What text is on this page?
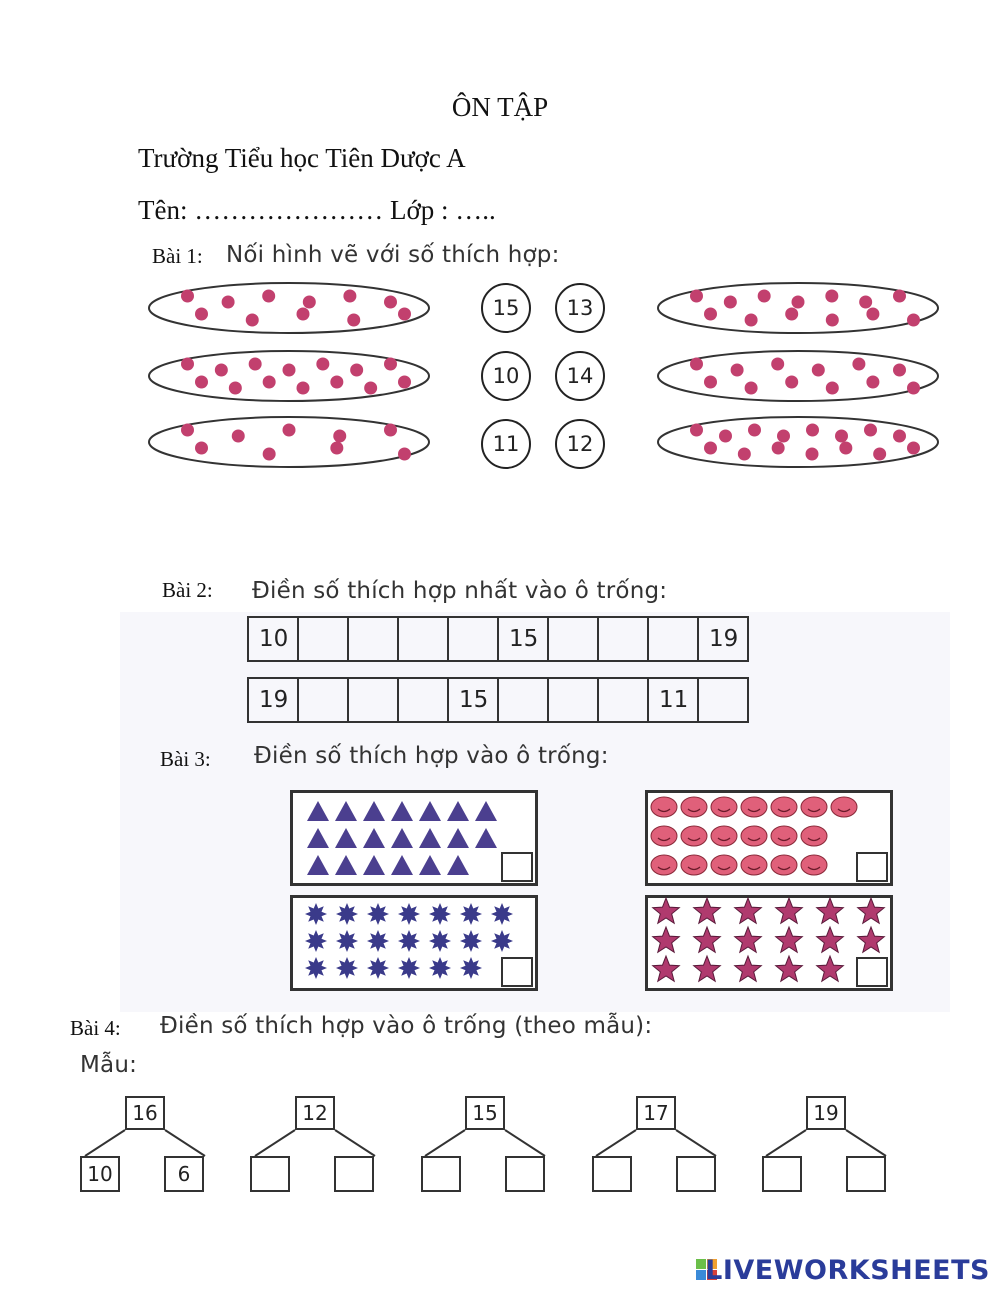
ÔN TẬP
Trường Tiểu học Tiên Dược A
Tên: ………………… Lớp : …..
Bài 1: Nối hình vẽ với số thích hợp:
15	13
10	14
11	12
Bài 2: Điền số thích hợp nhất vào ô trống:
10					15				19
19				15				11	
Bài 3: Điền số thích hợp vào ô trống:
Bài 4: Điền số thích hợp vào ô trống (theo mẫu):
Mẫu:
16
10	6
12	15	17	19
LIVEWORKSHEETS
